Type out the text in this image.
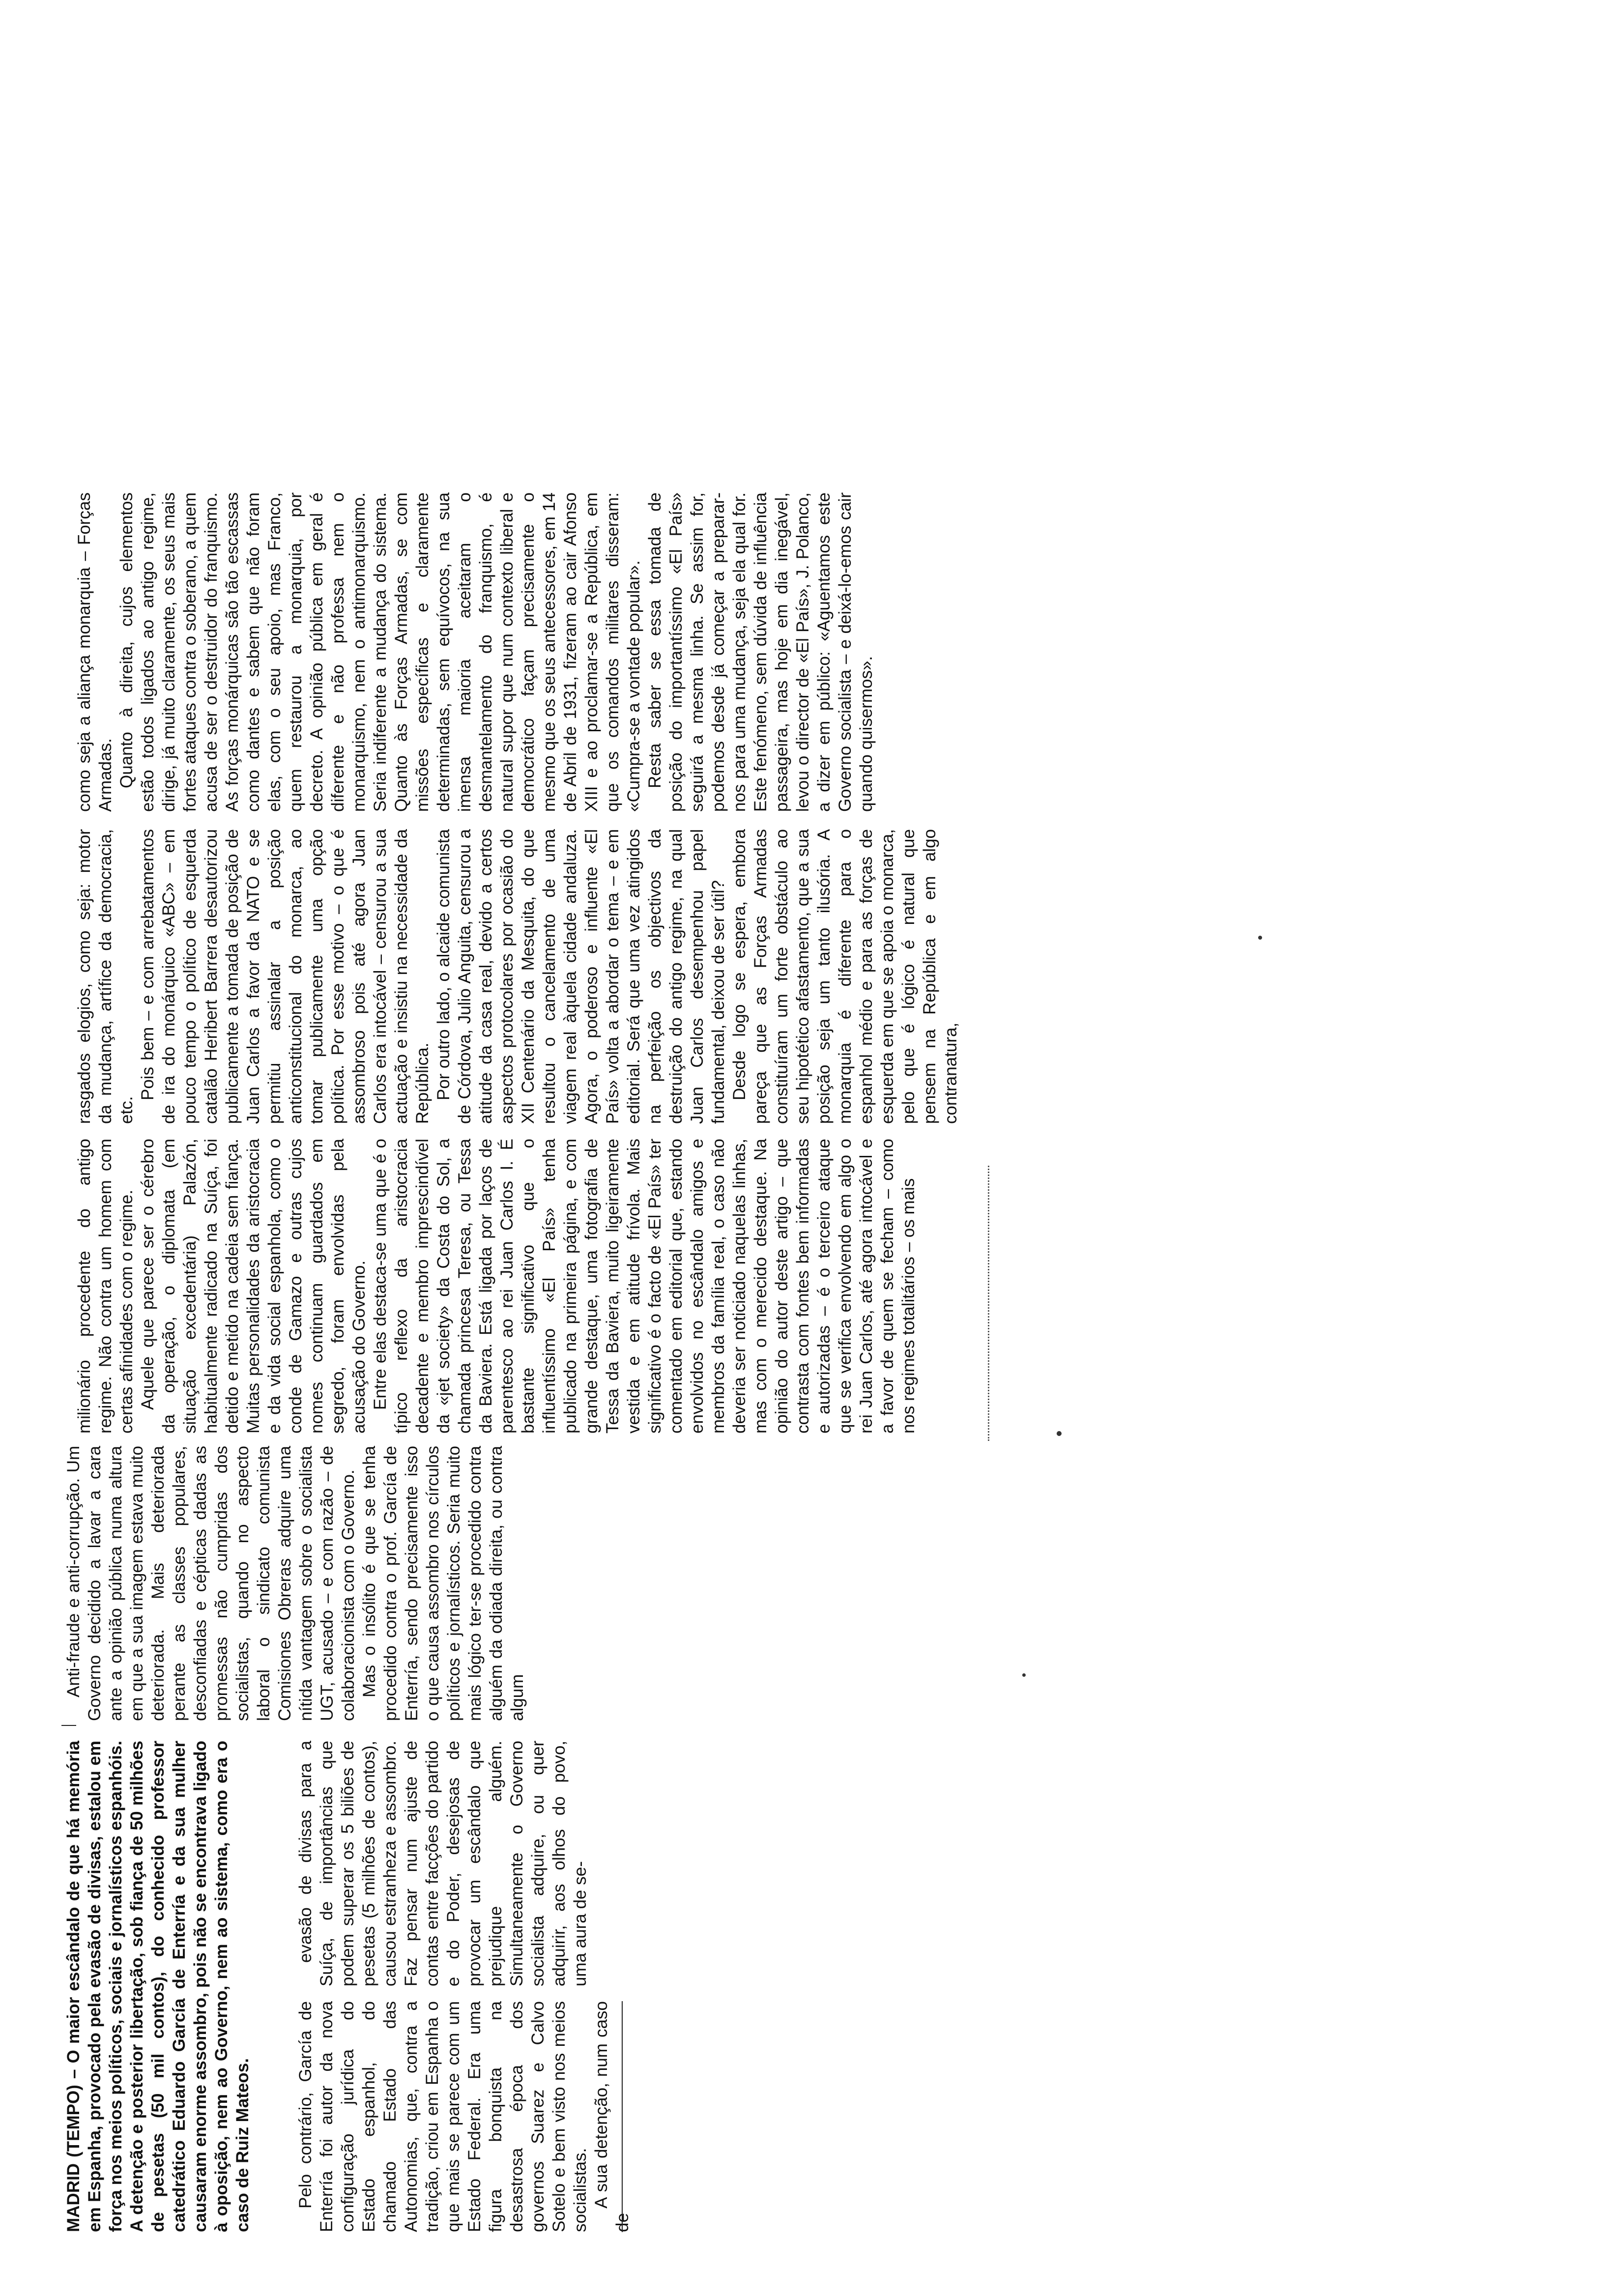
MADRID (TEMPO) – O maior escândalo de que há memória em Espanha, provocado pela evasão de divisas, estalou em força nos meios políticos, sociais e jornalísticos espanhóis. A detenção e posterior libertação, sob fiança de 50 milhões de pesetas (50 mil contos), do conhecido professor catedrático Eduardo García de Enterría e da sua mulher causaram enorme assombro, pois não se encontrava ligado à oposição, nem ao Governo, nem ao sistema, como era o caso de Ruiz Mateos.	Pelo contrário, García de Enterría foi autor da nova configuração jurídica do Estado espanhol, do chamado Estado das Autonomias, que, contra a tradição, criou em Espanha o que mais se parece com um Estado Federal. Era uma figura bonquista na desastrosa época dos governos Suarez e Calvo Sotelo e bem visto nos meios socialistas. A sua detenção, num caso de

evasão de divisas para a Suíça, de importâncias que podem superar os 5 biliões de pesetas (5 milhões de contos), causou estranheza e assombro. Faz pensar num ajuste de contas entre facções do partido e do Poder, desejosas de provocar um escândalo que prejudique alguém. Simultaneamente o Governo socialista adquire, ou quer adquirir, aos olhos do povo, uma aura de se-

Anti-fraude e anti-corrupção. Um Governo decidido a lavar a cara ante a opinião pública numa altura em que a sua imagem estava muito deteriorada. Mais deteriorada perante as classes populares, desconfiadas e cépticas dadas as promessas não cumpridas dos socialistas, quando no aspecto laboral o sindicato comunista Comisiones Obreras adquire uma nítida vantagem sobre o socialista UGT, acusado – e com razão – de colaboracionista com o Governo. Mas o insólito é que se tenha procedido contra o prof. García de Enterría, sendo precisamente isso o que causa assombro nos círculos políticos e jornalísticos. Seria muito mais lógico ter-se procedido contra alguém da odiada direita, ou contra algum

milionário procedente do antigo regime. Não contra um homem com certas afinidades com o regime. Aquele que parece ser o cérebro da operação, o diplomata (em situação excedentária) Palazón, habitualmente radicado na Suíça, foi detido e metido na cadeia sem fiança. Muitas personalidades da aristocracia e da vida social espanhola, como o conde de Gamazo e outras cujos nomes continuam guardados em segredo, foram envolvidas pela acusação do Governo. Entre elas destaca-se uma que é o típico reflexo da aristocracia decadente e membro imprescindível da «jet society» da Costa do Sol, a chamada princesa Teresa, ou Tessa da Baviera. Está ligada por laços de parentesco ao rei Juan Carlos I. É bastante significativo que o influentíssimo «El País» tenha publicado na primeira página, e com grande destaque, uma fotografia de Tessa da Baviera, muito ligeiramente vestida e em atitude frívola. Mais significativo é o facto de «El País» ter comentado em editorial que, estando envolvidos no escândalo amigos e membros da família real, o caso não deveria ser noticiado naquelas linhas, mas com o merecido destaque. Na opinião do autor deste artigo – que contrasta com fontes bem informadas e autorizadas – é o terceiro ataque que se verifica envolvendo em algo o rei Juan Carlos, até agora intocável e a favor de quem se fecham – como nos regimes totalitários – os mais

rasgados elogios, como seja: motor da mudança, artífice da democracia, etc.

Pois bem – e com arrebatamentos de ira do monárquico «ABC» – em pouco tempo o político de esquerda catalão Heribert Barrera desautorizou publicamente a tomada de posição de Juan Carlos a favor da NATO e se permitiu assinalar a posição anticonstitucional do monarca, ao tomar publicamente uma opção política. Por esse motivo – o que é assombroso pois até agora Juan Carlos era intocável – censurou a sua actuação e insistiu na necessidade da República. Por outro lado, o alcaide comunista de Córdova, Julio Anguita, censurou a atitude da casa real, devido a certos aspectos protocolares por ocasião do XII Centenário da Mesquita, do que resultou o cancelamento de uma viagem real àquela cidade andaluza. Agora, o poderoso e influente «El País» volta a abordar o tema – e em editorial. Será que uma vez atingidos na perfeição os objectivos da destruição do antigo regime, na qual Juan Carlos desempenhou papel fundamental, deixou de ser útil? Desde logo se espera, embora pareça que as Forças Armadas constituíram um forte obstáculo ao seu hipotético afastamento, que a sua posição seja um tanto ilusória. A monarquia é diferente para o espanhol médio e para as forças de esquerda em que se apoia o monarca, pelo que é lógico é natural que pensem na República e em algo contranatura,

como seja a aliança monarquia – Forças Armadas. Quanto à direita, cujos elementos estão todos ligados ao antigo regime, dirige, já muito claramente, os seus mais fortes ataques contra o soberano, a quem acusa de ser o destruidor do franquismo. As forças monárquicas são tão escassas como dantes e sabem que não foram elas, com o seu apoio, mas Franco, quem restaurou a monarquia, por decreto. A opinião pública em geral é diferente e não professa nem o monarquismo, nem o antimonarquismo. Seria indiferente a mudança do sistema. Quanto às Forças Armadas, se com missões específicas e claramente determinadas, sem equívocos, na sua imensa maioria aceitaram o desmantelamento do franquismo, é natural supor que num contexto liberal e democrático façam precisamente o mesmo que os seus antecessores, em 14 de Abril de 1931, fizeram ao cair Afonso XIII e ao proclamar-se a República, em que os comandos militares disseram: «Cumpra-se a vontade popular». Resta saber se essa tomada de posição do importantíssimo «El País» seguirá a mesma linha. Se assim for, podemos desde já começar a preparar-nos para uma mudança, seja ela qual for. Este fenómeno, sem dúvida de influência passageira, mas hoje em dia inegável, levou o director de «El País», J. Polanco, a dizer em público: «Aguentamos este Governo socialista – e deixá-lo-emos cair quando quisermos».
